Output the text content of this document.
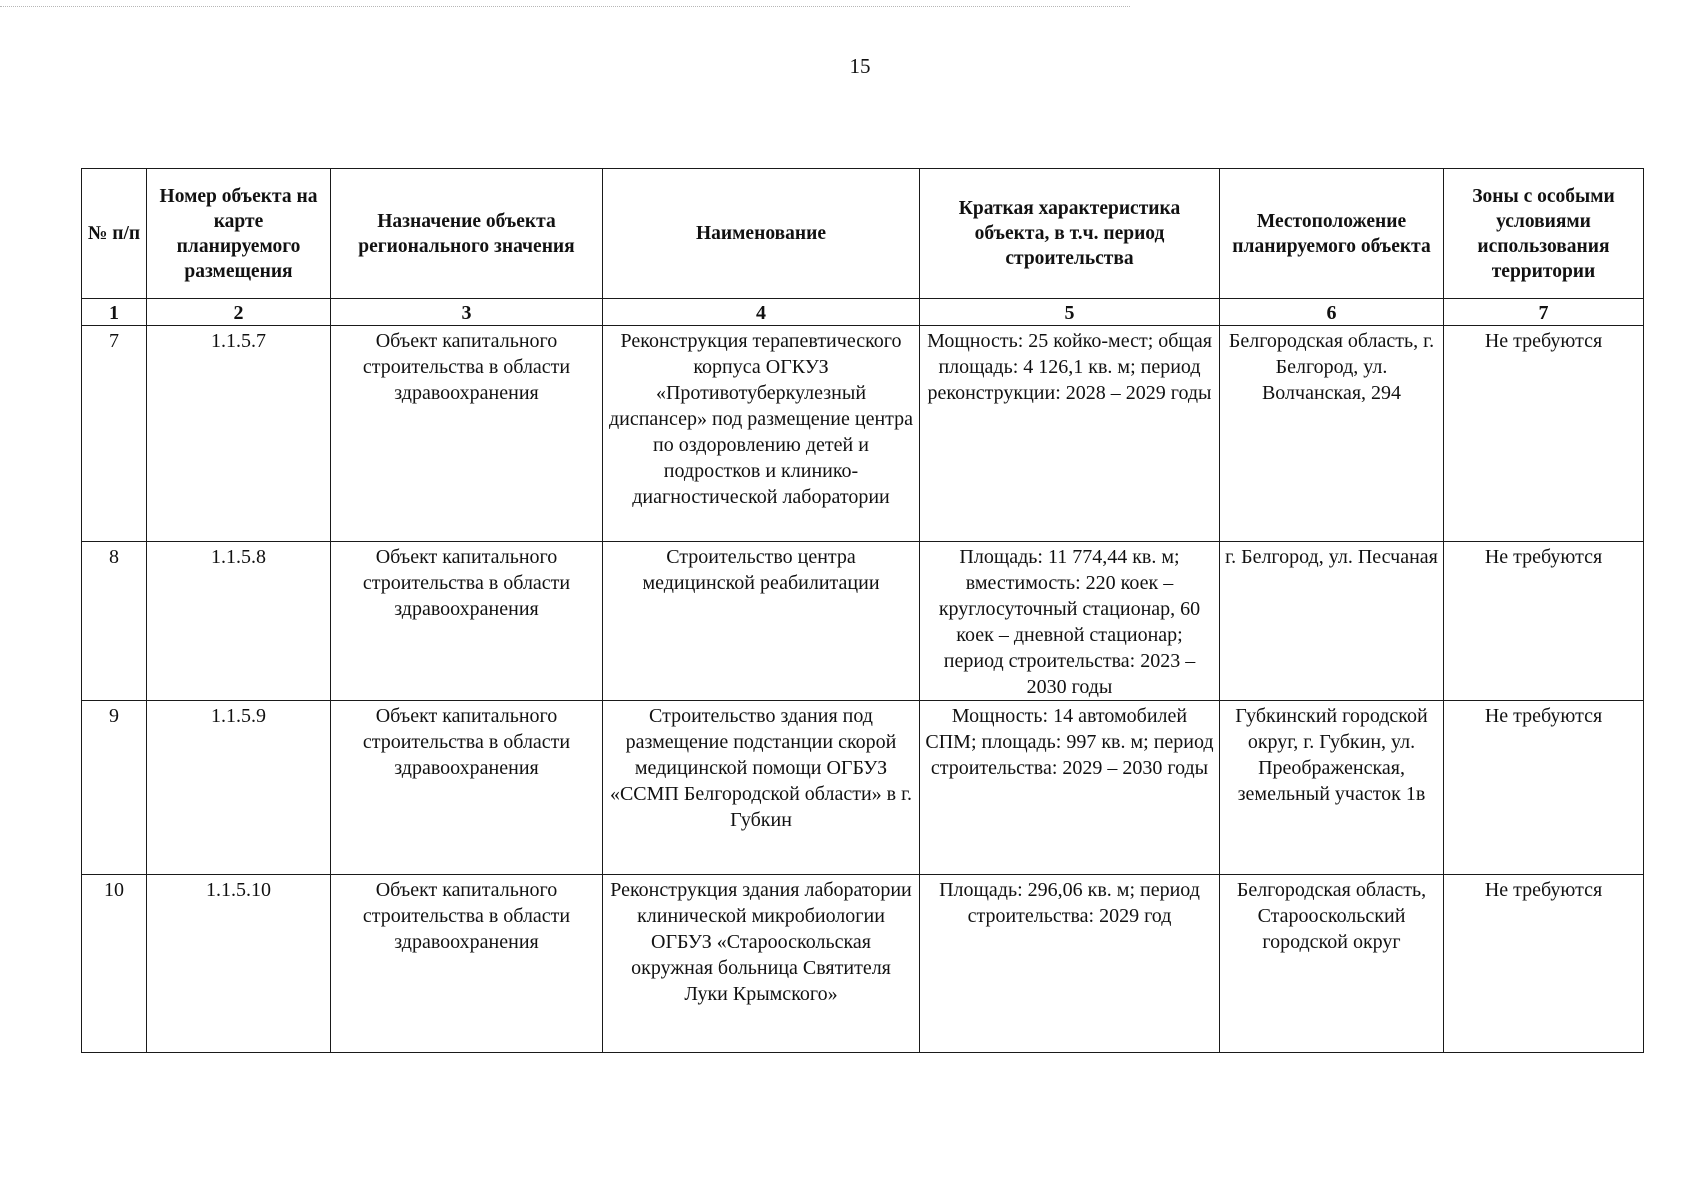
15
№ п/п	Номер объекта на карте планируемого размещения	Назначение объекта регионального значения	Наименование	Краткая характеристика объекта, в т.ч. период строительства	Местоположение планируемого объекта	Зоны с особыми условиями использования территории
1	2	3	4	5	6	7
7	1.1.5.7	Объект капитального строительства в области здравоохранения	Реконструкция терапевтического корпуса ОГКУЗ «Противотуберкулезный диспансер» под размещение центра по оздоровлению детей и подростков и клинико-диагностической лаборатории	Мощность: 25 койко-мест; общая площадь: 4 126,1 кв. м; период реконструкции: 2028 – 2029 годы	Белгородская область, г. Белгород, ул. Волчанская, 294	Не требуются
8	1.1.5.8	Объект капитального строительства в области здравоохранения	Строительство центра медицинской реабилитации	Площадь: 11 774,44 кв. м; вместимость: 220 коек – круглосуточный стационар, 60 коек – дневной стационар; период строительства: 2023 – 2030 годы	г. Белгород, ул. Песчаная	Не требуются
9	1.1.5.9	Объект капитального строительства в области здравоохранения	Строительство здания под размещение подстанции скорой медицинской помощи ОГБУЗ «ССМП Белгородской области» в г. Губкин	Мощность: 14 автомобилей СПМ; площадь: 997 кв. м; период строительства: 2029 – 2030 годы	Губкинский городской округ, г. Губкин, ул. Преображенская, земельный участок 1в	Не требуются
10	1.1.5.10	Объект капитального строительства в области здравоохранения	Реконструкция здания лаборатории клинической микробиологии ОГБУЗ «Старооскольская окружная больница Святителя Луки Крымского»	Площадь: 296,06 кв. м; период строительства: 2029 год	Белгородская область, Старооскольский городской округ	Не требуются
